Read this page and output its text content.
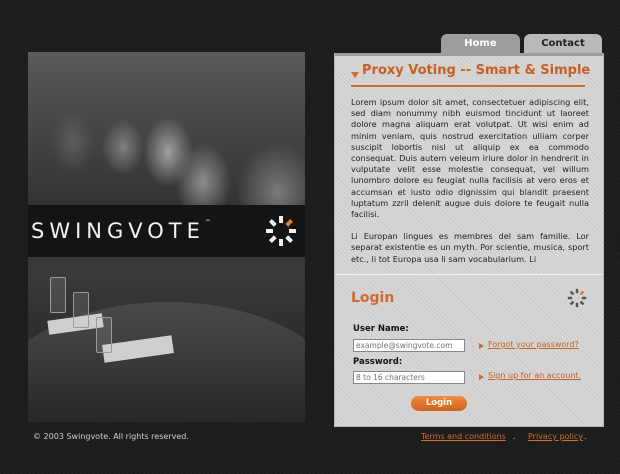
SWINGVOTE™
Home	Contact
Proxy Voting -- Smart & Simple

Lorem ipsum dolor sit amet, consectetuer adipiscing elit, sed diam nonummy nibh euismod tincidunt ut laoreet dolore magna aliquam erat volutpat. Ut wisi enim ad minim veniam, quis nostrud exercitation ulliam corper suscipit lobortis nisl ut aliquip ex ea commodo consequat. Duis autem veleum iriure dolor in hendrerit in vulputate velit esse molestie consequat, vel willum lunombro dolore eu feugiat nulla facilisis at vero eros et accumsan et iusto odio dignissim qui blandit praesent luptatum zzril delenit augue duis dolore te feugait nulla facilisi.

Li Europan lingues es membres del sam familie. Lor separat existentie es un myth. Por scientie, musica, sport etc., li tot Europa usa li sam vocabularium. Li

Login
User Name:
example@swingvote.com
Forgot your password?
Password:
8 to 16 characters
Sign up for an account.
Login
© 2003 Swingvote. All rights reserved.	Terms and conditions . Privacy policy .
